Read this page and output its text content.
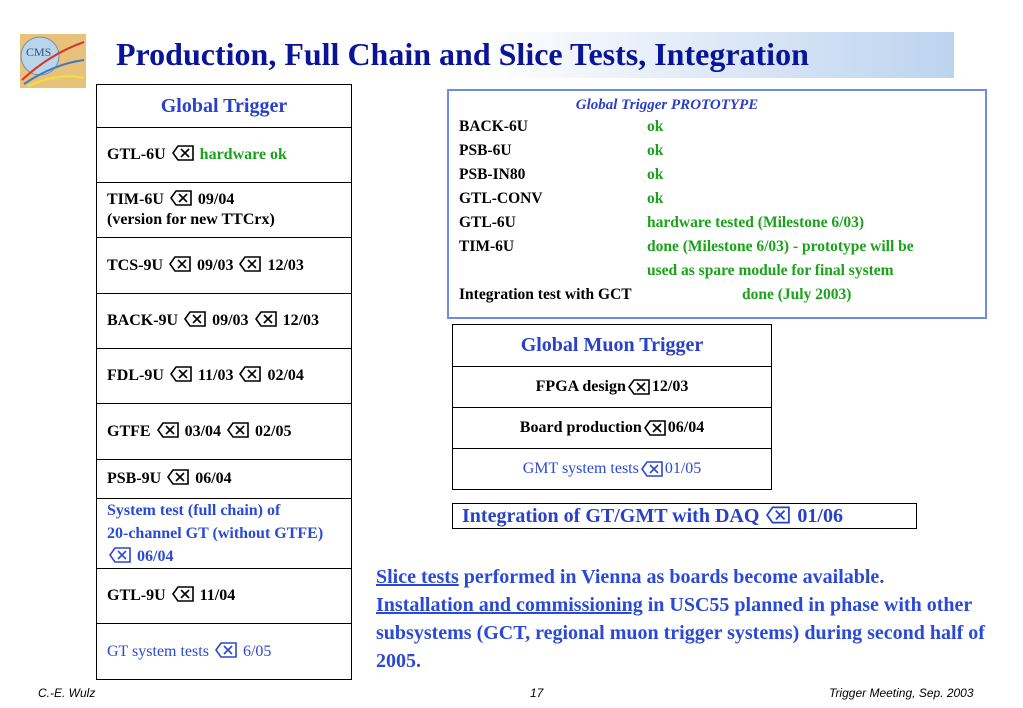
CMS Production, Full Chain and Slice Tests, Integration
Global Trigger
GTL-6U hardware ok
TIM-6U 09/04
(version for new TTCrx)
TCS-9U 09/03 12/03
BACK-9U 09/03 12/03
FDL-9U 11/03 02/04
GTFE 03/04 02/05
PSB-9U 06/04
System test (full chain) of
20-channel GT (without GTFE)
06/04
GTL-9U 11/04
GT system tests 6/05
Global Trigger PROTOTYPE
BACK-6U	ok
PSB-6U	ok
PSB-IN80	ok
GTL-CONV	ok
GTL-6U	hardware tested (Milestone 6/03)
TIM-6U	done (Milestone 6/03) - prototype will be
used as spare module for final system
Integration test with GCT	done (July 2003)
Global Muon Trigger
FPGA design 12/03
Board production 06/04
GMT system tests 01/05
Integration of GT/GMT with DAQ 01/06
Slice tests performed in Vienna as boards become available.
Installation and commissioning in USC55 planned in phase with other subsystems (GCT, regional muon trigger systems) during second half of 2005.
C.-E. Wulz	17	Trigger Meeting, Sep. 2003
